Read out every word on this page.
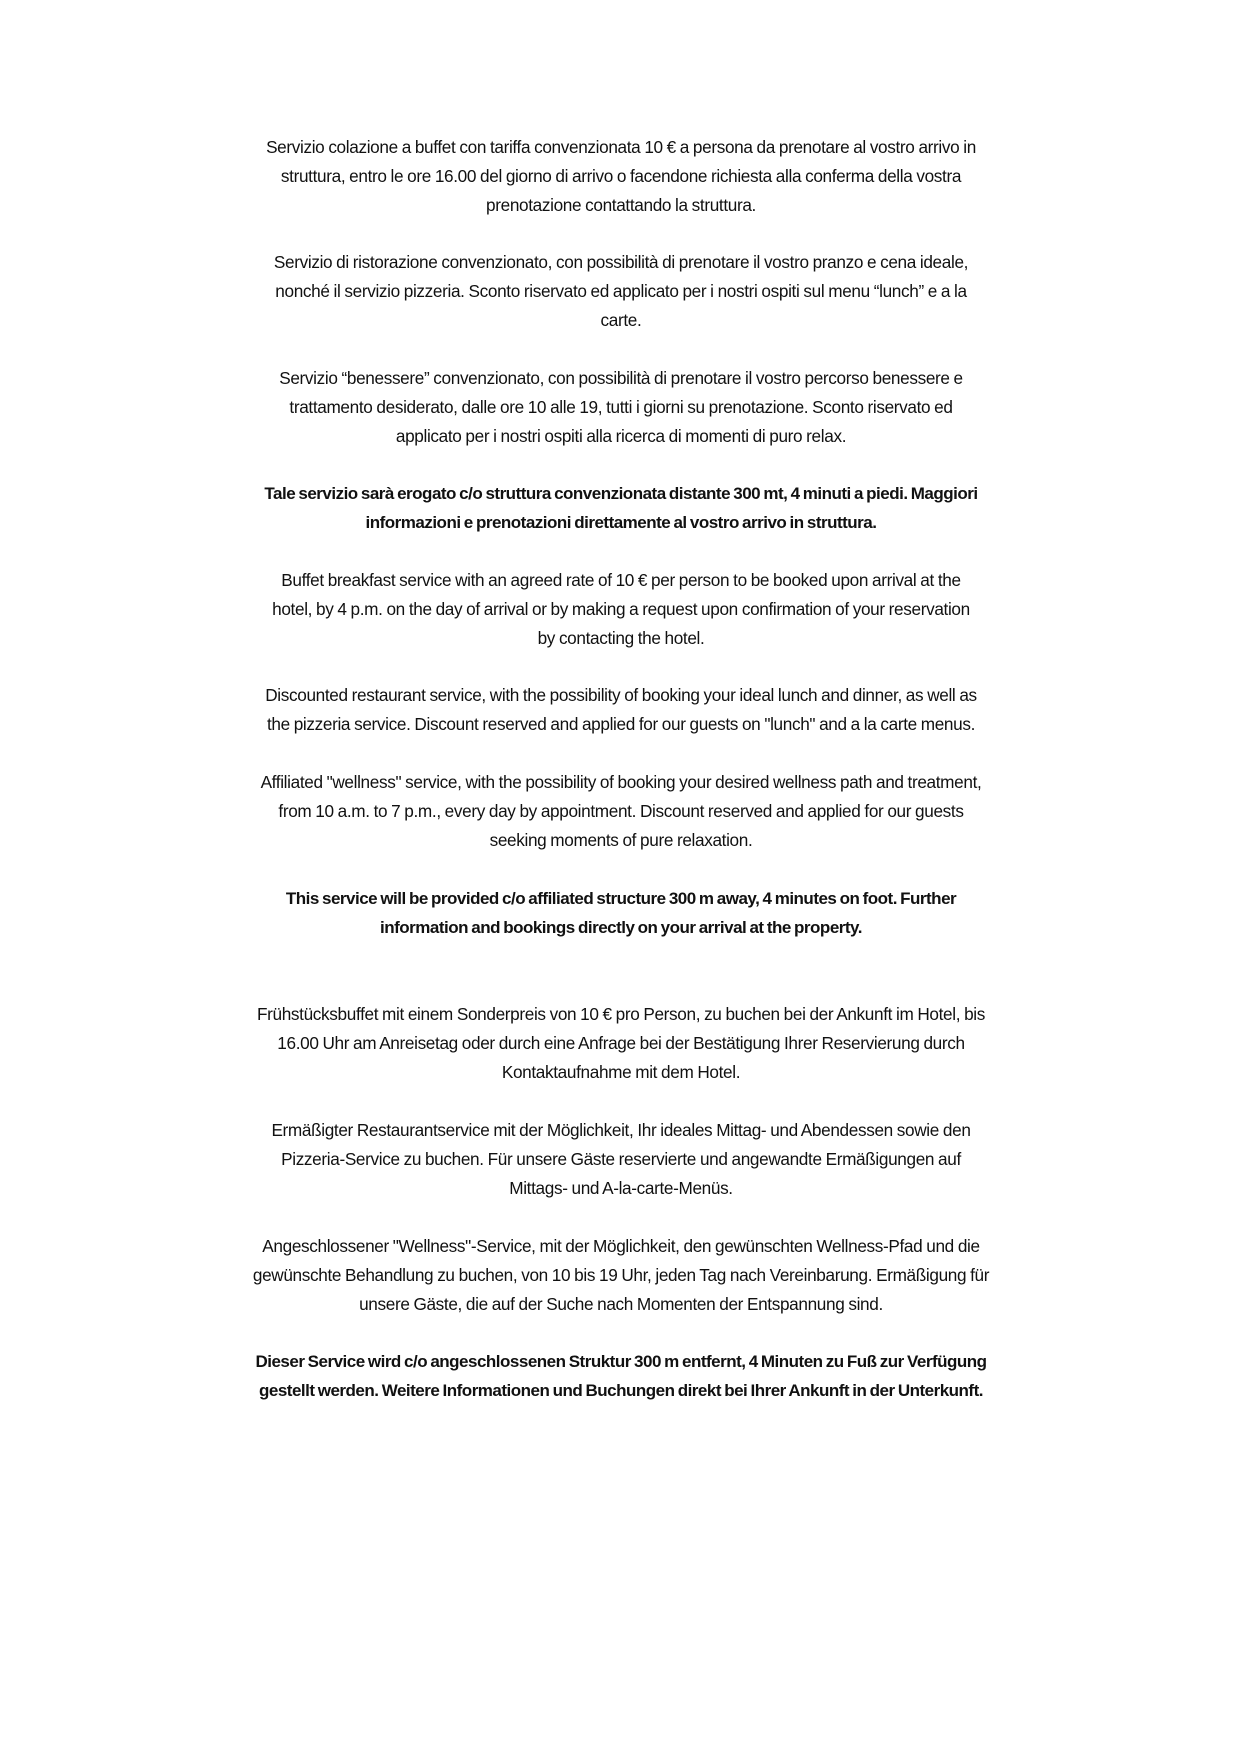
Servizio colazione a buffet con tariffa convenzionata 10 € a persona da prenotare al vostro arrivo in
struttura, entro le ore 16.00 del giorno di arrivo o facendone richiesta alla conferma della vostra
prenotazione contattando la struttura.
Servizio di ristorazione convenzionato, con possibilità di prenotare il vostro pranzo e cena ideale,
nonché il servizio pizzeria. Sconto riservato ed applicato per i nostri ospiti sul menu “lunch” e a la
carte.
Servizio “benessere” convenzionato, con possibilità di prenotare il vostro percorso benessere e
trattamento desiderato, dalle ore 10 alle 19, tutti i giorni su prenotazione. Sconto riservato ed
applicato per i nostri ospiti alla ricerca di momenti di puro relax.
Tale servizio sarà erogato c/o struttura convenzionata distante 300 mt, 4 minuti a piedi. Maggiori
informazioni e prenotazioni direttamente al vostro arrivo in struttura.
Buffet breakfast service with an agreed rate of 10 € per person to be booked upon arrival at the
hotel, by 4 p.m. on the day of arrival or by making a request upon confirmation of your reservation
by contacting the hotel.
Discounted restaurant service, with the possibility of booking your ideal lunch and dinner, as well as
the pizzeria service. Discount reserved and applied for our guests on "lunch" and a la carte menus.
Affiliated "wellness" service, with the possibility of booking your desired wellness path and treatment,
from 10 a.m. to 7 p.m., every day by appointment. Discount reserved and applied for our guests
seeking moments of pure relaxation.
This service will be provided c/o affiliated structure 300 m away, 4 minutes on foot. Further
information and bookings directly on your arrival at the property.
Frühstücksbuffet mit einem Sonderpreis von 10 € pro Person, zu buchen bei der Ankunft im Hotel, bis
16.00 Uhr am Anreisetag oder durch eine Anfrage bei der Bestätigung Ihrer Reservierung durch
Kontaktaufnahme mit dem Hotel.
Ermäßigter Restaurantservice mit der Möglichkeit, Ihr ideales Mittag- und Abendessen sowie den
Pizzeria-Service zu buchen. Für unsere Gäste reservierte und angewandte Ermäßigungen auf
Mittags- und A-la-carte-Menüs.
Angeschlossener "Wellness"-Service, mit der Möglichkeit, den gewünschten Wellness-Pfad und die
gewünschte Behandlung zu buchen, von 10 bis 19 Uhr, jeden Tag nach Vereinbarung. Ermäßigung für
unsere Gäste, die auf der Suche nach Momenten der Entspannung sind.
Dieser Service wird c/o angeschlossenen Struktur 300 m entfernt, 4 Minuten zu Fuß zur Verfügung
gestellt werden. Weitere Informationen und Buchungen direkt bei Ihrer Ankunft in der Unterkunft.
